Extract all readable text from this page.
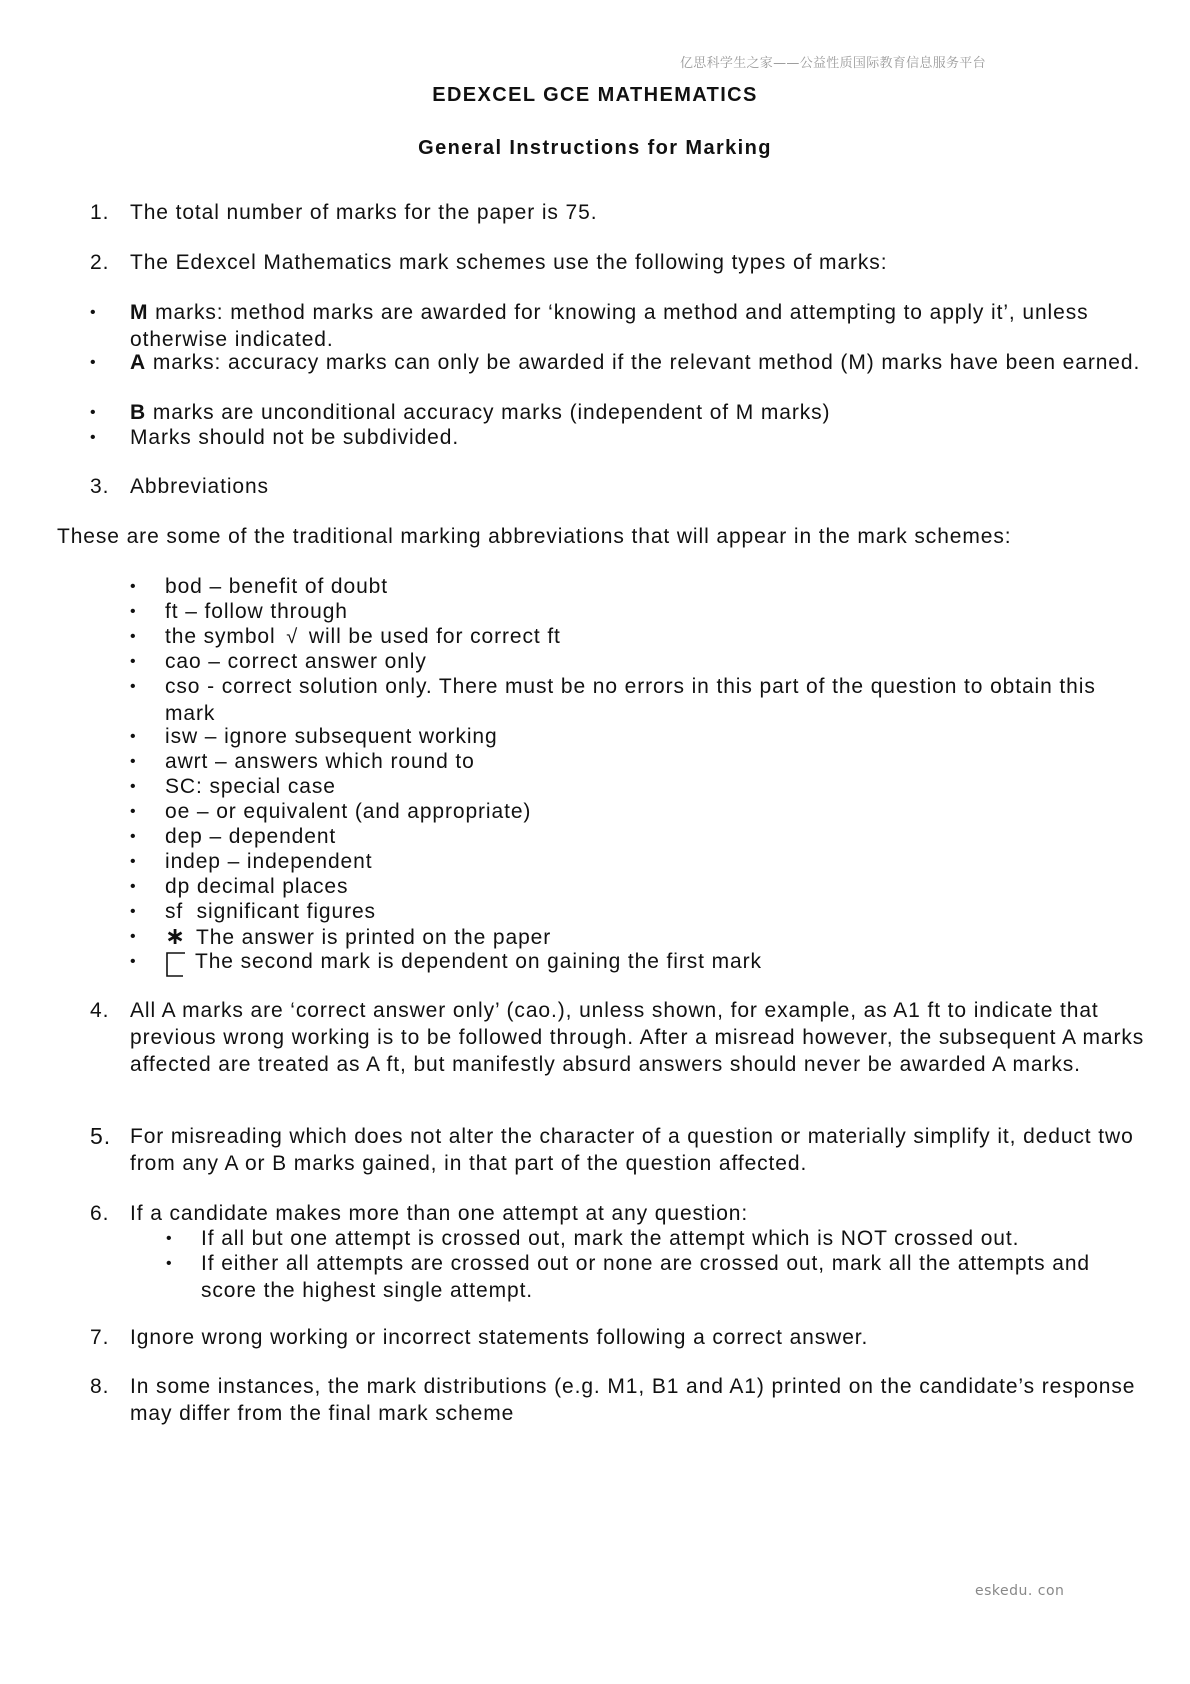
亿思科学生之家——公益性质国际教育信息服务平台
EDEXCEL GCE MATHEMATICS
General Instructions for Marking
1. The total number of marks for the paper is 75.
2. The Edexcel Mathematics mark schemes use the following types of marks:
• M marks: method marks are awarded for ‘knowing a method and attempting to apply it’, unless otherwise indicated.
• A marks: accuracy marks can only be awarded if the relevant method (M) marks have been earned.
• B marks are unconditional accuracy marks (independent of M marks)
• Marks should not be subdivided.
3. Abbreviations
These are some of the traditional marking abbreviations that will appear in the mark schemes:
• bod – benefit of doubt
• ft – follow through
• the symbol √ will be used for correct ft
• cao – correct answer only
• cso - correct solution only. There must be no errors in this part of the question to obtain this mark
• isw – ignore subsequent working
• awrt – answers which round to
• SC: special case
• oe – or equivalent (and appropriate)
• dep – dependent
• indep – independent
• dp decimal places
• sf  significant figures
• ∗ The answer is printed on the paper
•	The second mark is dependent on gaining the first mark
4. All A marks are ‘correct answer only’ (cao.), unless shown, for example, as A1 ft to indicate that previous wrong working is to be followed through. After a misread however, the subsequent A marks affected are treated as A ft, but manifestly absurd answers should never be awarded A marks.
5. For misreading which does not alter the character of a question or materially simplify it, deduct two from any A or B marks gained, in that part of the question affected.
6. If a candidate makes more than one attempt at any question:
• If all but one attempt is crossed out, mark the attempt which is NOT crossed out.
• If either all attempts are crossed out or none are crossed out, mark all the attempts and score the highest single attempt.
7. Ignore wrong working or incorrect statements following a correct answer.
8. In some instances, the mark distributions (e.g. M1, B1 and A1) printed on the candidate’s response may differ from the final mark scheme
eskedu. con
